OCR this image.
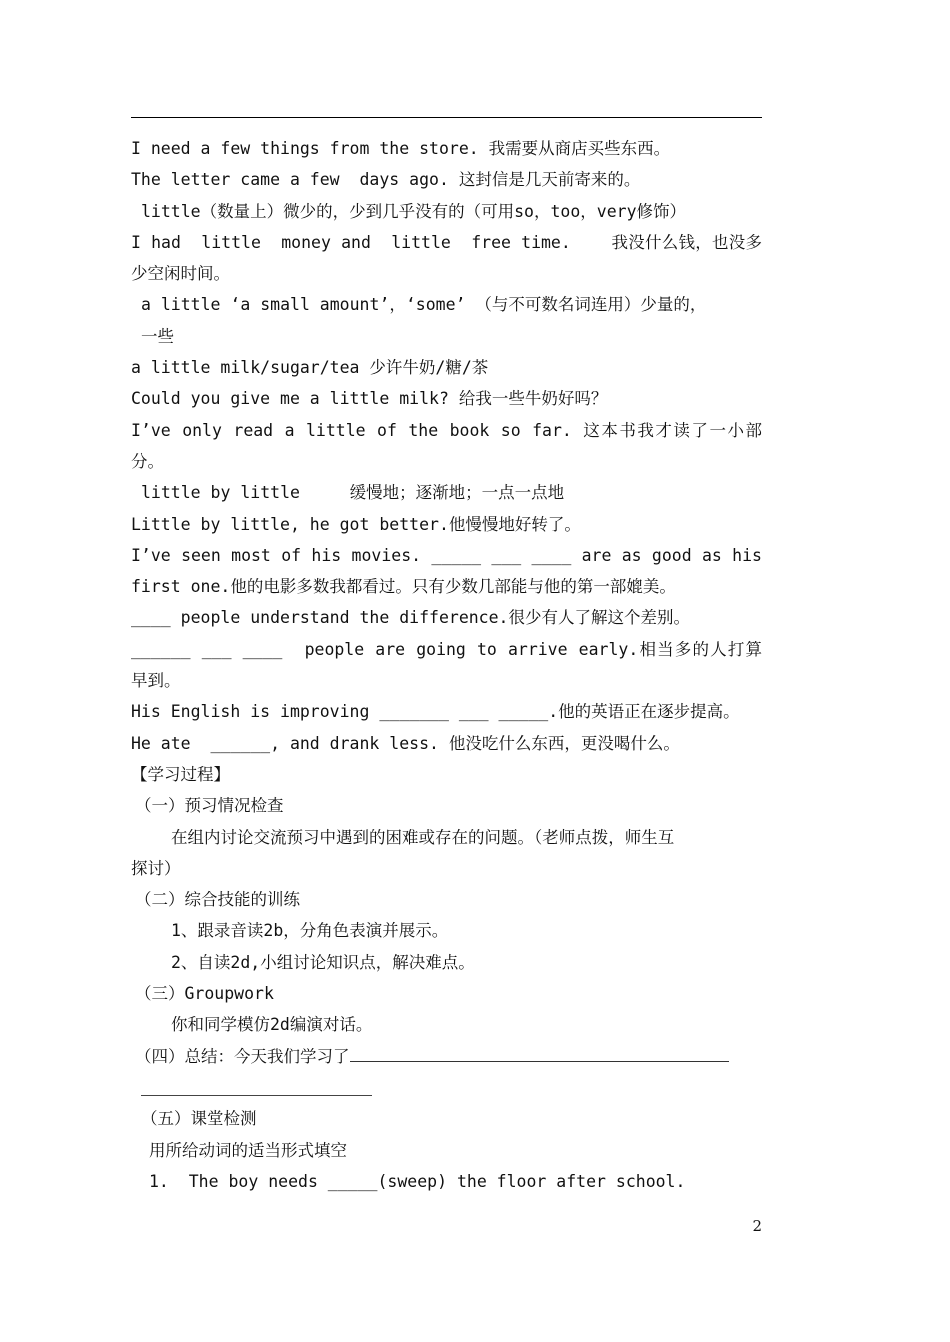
I need a few things from the store. 我需要从商店买些东西。
The letter came a few  days ago. 这封信是几天前寄来的。
little（数量上）微少的，少到几乎没有的（可用so，too，very修饰）
I had  little  money and  little  free time.    我没什么钱，也没多
少空闲时间。
a little ‘a small amount’，‘some’ （与不可数名词连用）少量的，
一些
a little milk/sugar/tea 少许牛奶/糖/茶
Could you give me a little milk? 给我一些牛奶好吗？
I’ve only read a little of the book so far. 这本书我才读了一小部
分。
little by little     缓慢地；逐渐地；一点一点地
Little by little, he got better.他慢慢地好转了。
I’ve seen most of his movies. _____ ___ ____ are as good as his
first one.他的电影多数我都看过。只有少数几部能与他的第一部媲美。
____ people understand the difference.很少有人了解这个差别。
______ ___ ____  people are going to arrive early.相当多的人打算
早到。
His English is improving _______ ___ _____.他的英语正在逐步提高。
He ate  ______, and drank less. 他没吃什么东西，更没喝什么。
【学习过程】
（一）预习情况检查
在组内讨论交流预习中遇到的困难或存在的问题。（老师点拨，师生互
探讨）
（二）综合技能的训练
1、跟录音读2b，分角色表演并展示。
2、自读2d,小组讨论知识点，解决难点。
（三）Groupwork
你和同学模仿2d编演对话。
（四）总结：今天我们学习了
（五）课堂检测
用所给动词的适当形式填空
1.  The boy needs _____(sweep) the floor after school.
2
